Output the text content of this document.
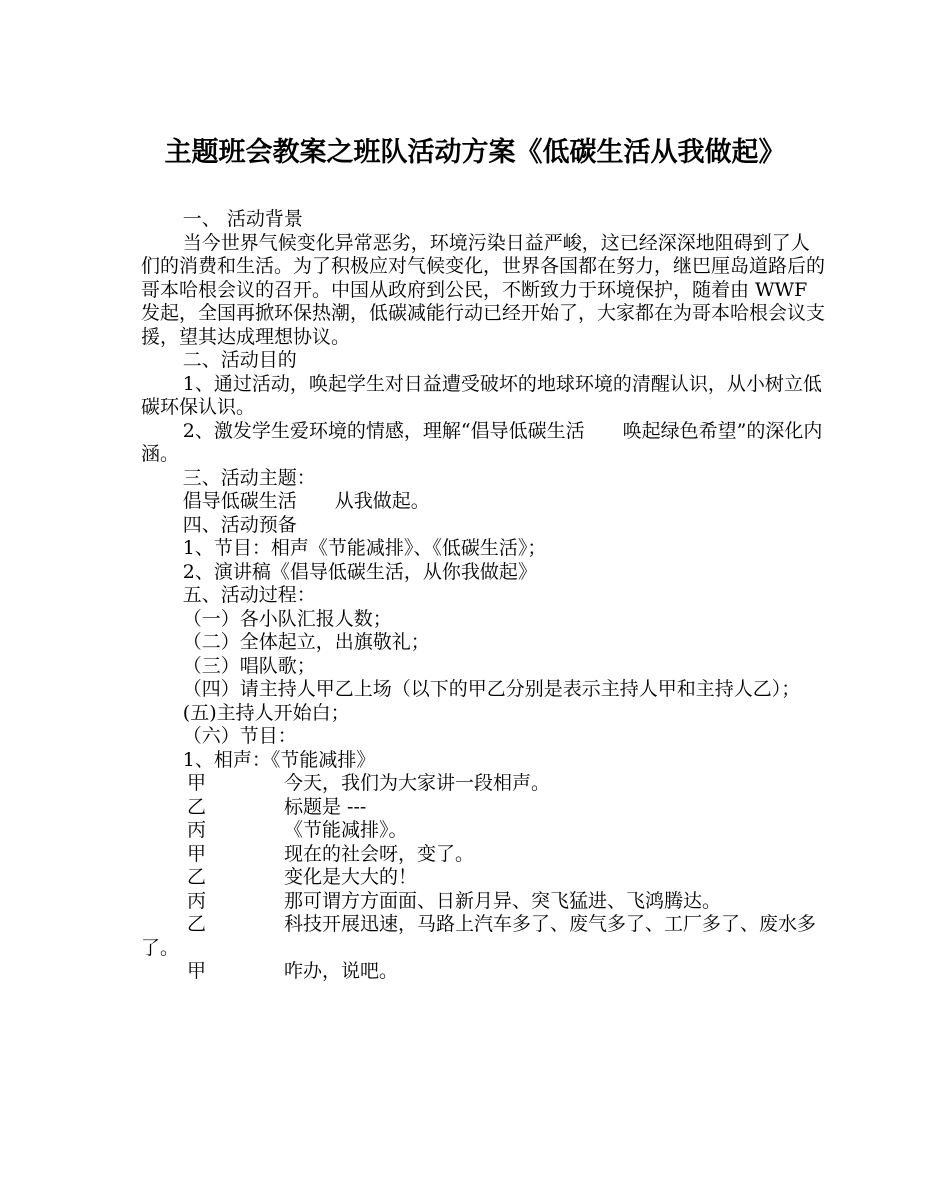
主题班会教案之班队活动方案《低碳生活从我做起》

一、 活动背景

当今世界气候变化异常恶劣，环境污染日益严峻，这已经深深地阻碍到了人们的消费和生活。为了积极应对气候变化，世界各国都在努力，继巴厘岛道路后的哥本哈根会议的召开。中国从政府到公民，不断致力于环境保护，随着由 WWF 发起，全国再掀环保热潮，低碳减能行动已经开始了，大家都在为哥本哈根会议支援，望其达成理想协议。

二、活动目的

1、通过活动，唤起学生对日益遭受破坏的地球环境的清醒认识，从小树立低碳环保认识。

2、激发学生爱环境的情感，理解“倡导低碳生活　　唤起绿色希望”的深化内涵。

三、活动主题：

倡导低碳生活　　从我做起。

四、活动预备

1、节目：相声《节能减排》、《低碳生活》；

2、演讲稿《倡导低碳生活，从你我做起》

五、活动过程：

（一）各小队汇报人数；

（二）全体起立，出旗敬礼；

（三）唱队歌；

（四）请主持人甲乙上场（以下的甲乙分别是表示主持人甲和主持人乙）；

(五)主持人开始白；

（六）节目：

1、相声：《节能减排》

甲	今天，我们为大家讲一段相声。

乙	标题是 ---

丙	《节能减排》。

甲	现在的社会呀，变了。

乙	变化是大大的！

丙	那可谓方方面面、日新月异、突飞猛进、飞鸿腾达。

乙	科技开展迅速，马路上汽车多了、废气多了、工厂多了、废水多了。

甲	咋办，说吧。
